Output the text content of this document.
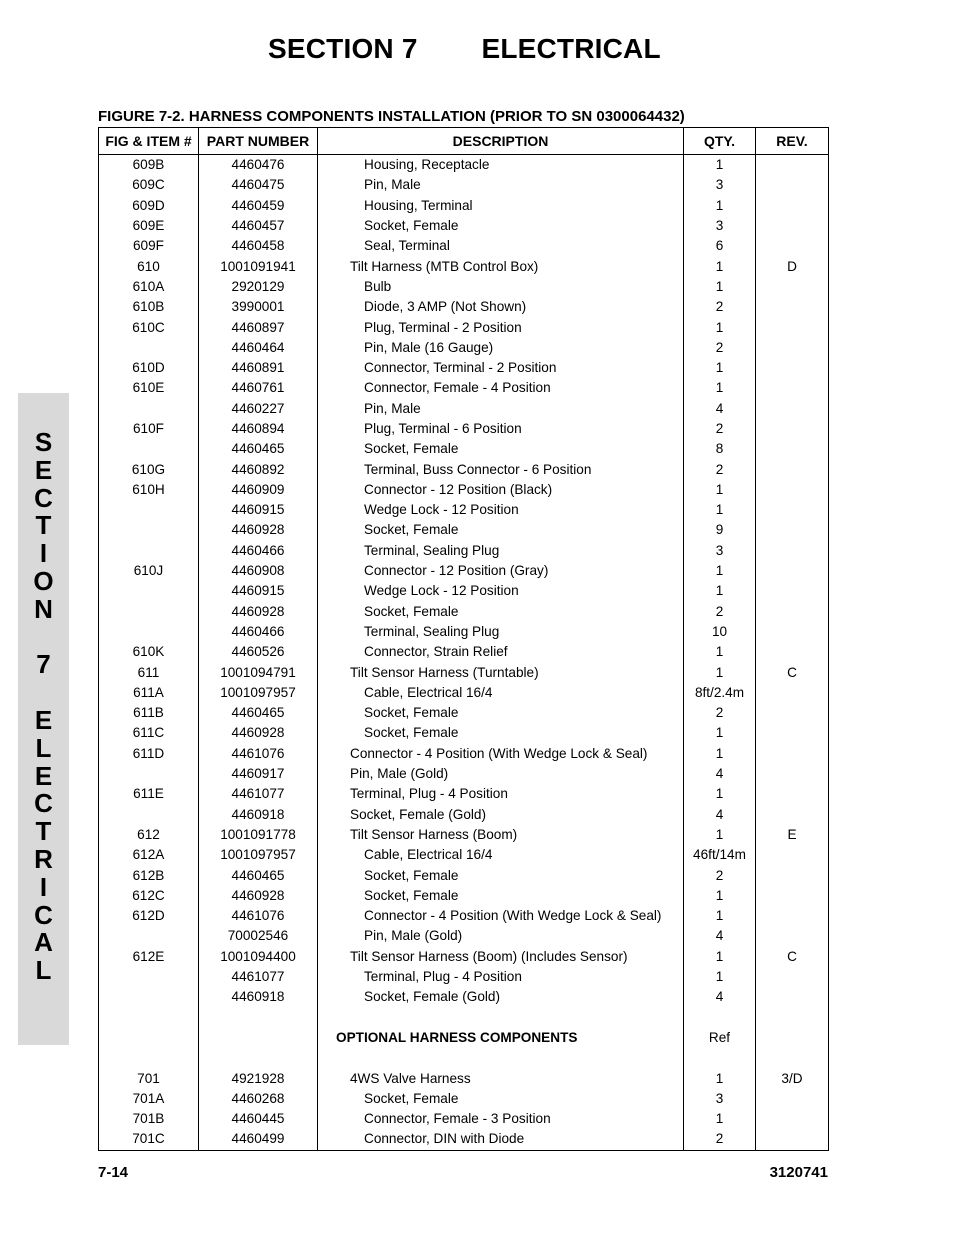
SECTION 7        ELECTRICAL
FIGURE 7-2. HARNESS COMPONENTS INSTALLATION (PRIOR TO SN 0300064432)
S
E
C
T
I
O
N

7

E
L
E
C
T
R
I
C
A
L
FIG & ITEM #	PART NUMBER	DESCRIPTION	QTY.	REV.
609B	4460476	Housing, Receptacle	1	
609C	4460475	Pin, Male	3	
609D	4460459	Housing, Terminal	1	
609E	4460457	Socket, Female	3	
609F	4460458	Seal, Terminal	6	
610	1001091941	Tilt Harness (MTB Control Box)	1	D
610A	2920129	Bulb	1	
610B	3990001	Diode, 3 AMP (Not Shown)	2	
610C	4460897	Plug, Terminal - 2 Position	1	
	4460464	Pin, Male (16 Gauge)	2	
610D	4460891	Connector, Terminal - 2 Position	1	
610E	4460761	Connector, Female - 4 Position	1	
	4460227	Pin, Male	4	
610F	4460894	Plug, Terminal - 6 Position	2	
	4460465	Socket, Female	8	
610G	4460892	Terminal, Buss Connector - 6 Position	2	
610H	4460909	Connector - 12 Position (Black)	1	
	4460915	Wedge Lock - 12 Position	1	
	4460928	Socket, Female	9	
	4460466	Terminal, Sealing Plug	3	
610J	4460908	Connector - 12 Position (Gray)	1	
	4460915	Wedge Lock - 12 Position	1	
	4460928	Socket, Female	2	
	4460466	Terminal, Sealing Plug	10	
610K	4460526	Connector, Strain Relief	1	
611	1001094791	Tilt Sensor Harness (Turntable)	1	C
611A	1001097957	Cable, Electrical 16/4	8ft/2.4m	
611B	4460465	Socket, Female	2	
611C	4460928	Socket, Female	1	
611D	4461076	Connector - 4 Position (With Wedge Lock & Seal)	1	
	4460917	Pin, Male (Gold)	4	
611E	4461077	Terminal, Plug - 4 Position	1	
	4460918	Socket, Female (Gold)	4	
612	1001091778	Tilt Sensor Harness (Boom)	1	E
612A	1001097957	Cable, Electrical 16/4	46ft/14m	
612B	4460465	Socket, Female	2	
612C	4460928	Socket, Female	1	
612D	4461076	Connector - 4 Position (With Wedge Lock & Seal)	1	
	70002546	Pin, Male (Gold)	4	
612E	1001094400	Tilt Sensor Harness (Boom) (Includes Sensor)	1	C
	4461077	Terminal, Plug - 4 Position	1	
	4460918	Socket, Female (Gold)	4	

		OPTIONAL HARNESS COMPONENTS	Ref	

701	4921928	4WS Valve Harness	1	3/D
701A	4460268	Socket, Female	3	
701B	4460445	Connector, Female - 3 Position	1	
701C	4460499	Connector, DIN with Diode	2	

7-14	3120741
